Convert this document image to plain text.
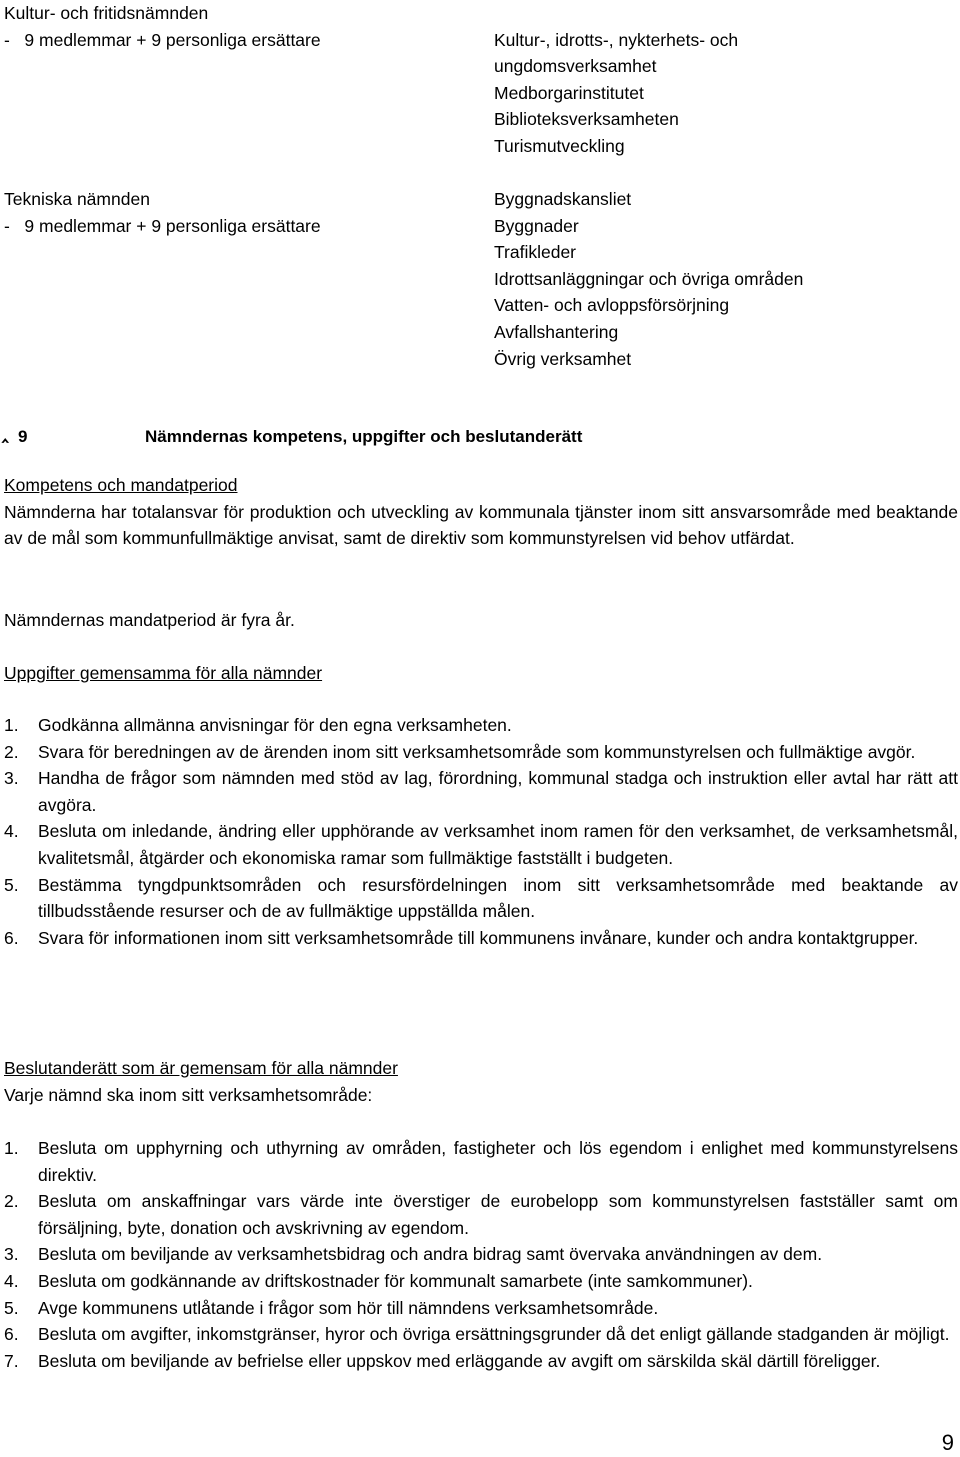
Kultur- och fritidsnämnden
-   9 medlemmar + 9 personliga ersättare	Kultur-, idrotts-, nykterhets- och
ungdomsverksamhet
Medborgarinstitutet
Biblioteksverksamheten
Turismutveckling
Tekniska nämnden
-   9 medlemmar + 9 personliga ersättare
Byggnadskansliet
Byggnader
Trafikleder
Idrottsanläggningar och övriga områden
Vatten- och avloppsförsörjning
Avfallshantering
Övrig verksamhet
‸ 9	Nämndernas kompetens, uppgifter och beslutanderätt
Kompetens och mandatperiod
Nämnderna har totalansvar för produktion och utveckling av kommunala tjänster inom sitt ansvarsområde med beaktande av de mål som kommunfullmäktige anvisat, samt de direktiv som kommunstyrelsen vid behov utfärdat.
Nämndernas mandatperiod är fyra år.
Uppgifter gemensamma för alla nämnder
1. Godkänna allmänna anvisningar för den egna verksamheten.
2. Svara för beredningen av de ärenden inom sitt verksamhetsområde som kommunstyrelsen och fullmäktige avgör.
3. Handha de frågor som nämnden med stöd av lag, förordning, kommunal stadga och instruktion eller avtal har rätt att avgöra.
4. Besluta om inledande, ändring eller upphörande av verksamhet inom ramen för den verksamhet, de verksamhetsmål, kvalitetsmål, åtgärder och ekonomiska ramar som fullmäktige fastställt i budgeten.
5. Bestämma tyngdpunktsområden och resursfördelningen inom sitt verksamhetsområde med beaktande av tillbudsstående resurser och de av fullmäktige uppställda målen.
6. Svara för informationen inom sitt verksamhetsområde till kommunens invånare, kunder och andra kontaktgrupper.
Beslutanderätt som är gemensam för alla nämnder
Varje nämnd ska inom sitt verksamhetsområde:
1. Besluta om upphyrning och uthyrning av områden, fastigheter och lös egendom i enlighet med kommunstyrelsens direktiv.
2. Besluta om anskaffningar vars värde inte överstiger de eurobelopp som kommunstyrelsen fastställer samt om försäljning, byte, donation och avskrivning av egendom.
3. Besluta om beviljande av verksamhetsbidrag och andra bidrag samt övervaka användningen av dem.
4. Besluta om godkännande av driftskostnader för kommunalt samarbete (inte samkommuner).
5. Avge kommunens utlåtande i frågor som hör till nämndens verksamhetsområde.
6. Besluta om avgifter, inkomstgränser, hyror och övriga ersättningsgrunder då det enligt gällande stadganden är möjligt.
7. Besluta om beviljande av befrielse eller uppskov med erläggande av avgift om särskilda skäl därtill föreligger.
9
